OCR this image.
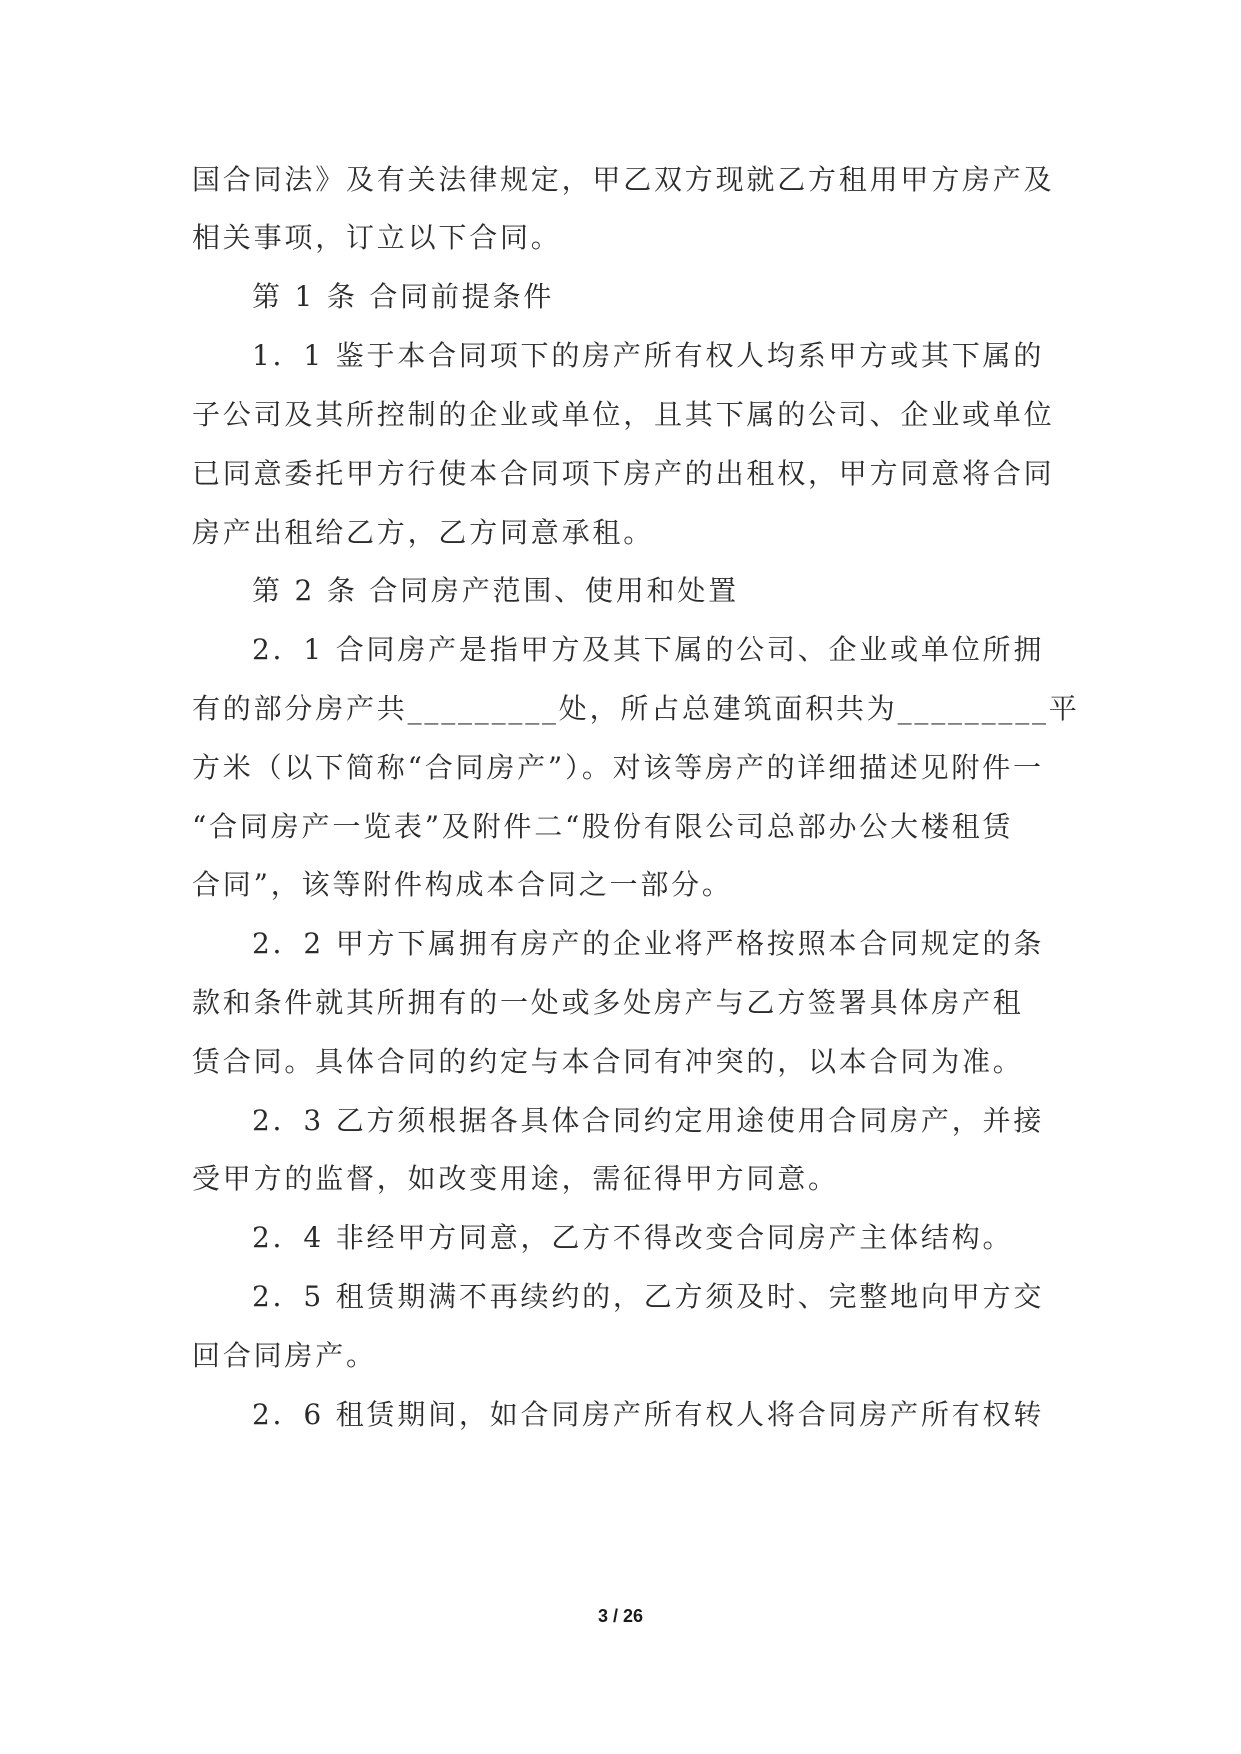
国合同法》及有关法律规定，甲乙双方现就乙方租用甲方房产及
相关事项，订立以下合同。
第 1 条 合同前提条件
1．1 鉴于本合同项下的房产所有权人均系甲方或其下属的
子公司及其所控制的企业或单位，且其下属的公司、企业或单位
已同意委托甲方行使本合同项下房产的出租权，甲方同意将合同
房产出租给乙方，乙方同意承租。
第 2 条 合同房产范围、使用和处置
2．1 合同房产是指甲方及其下属的公司、企业或单位所拥
有的部分房产共_________处，所占总建筑面积共为_________平
方米（以下简称“合同房产”）。对该等房产的详细描述见附件一
“合同房产一览表”及附件二“股份有限公司总部办公大楼租赁
合同”，该等附件构成本合同之一部分。
2．2 甲方下属拥有房产的企业将严格按照本合同规定的条
款和条件就其所拥有的一处或多处房产与乙方签署具体房产租
赁合同。具体合同的约定与本合同有冲突的，以本合同为准。
2．3 乙方须根据各具体合同约定用途使用合同房产，并接
受甲方的监督，如改变用途，需征得甲方同意。
2．4 非经甲方同意，乙方不得改变合同房产主体结构。
2．5 租赁期满不再续约的，乙方须及时、完整地向甲方交
回合同房产。
2．6 租赁期间，如合同房产所有权人将合同房产所有权转
3 / 26
